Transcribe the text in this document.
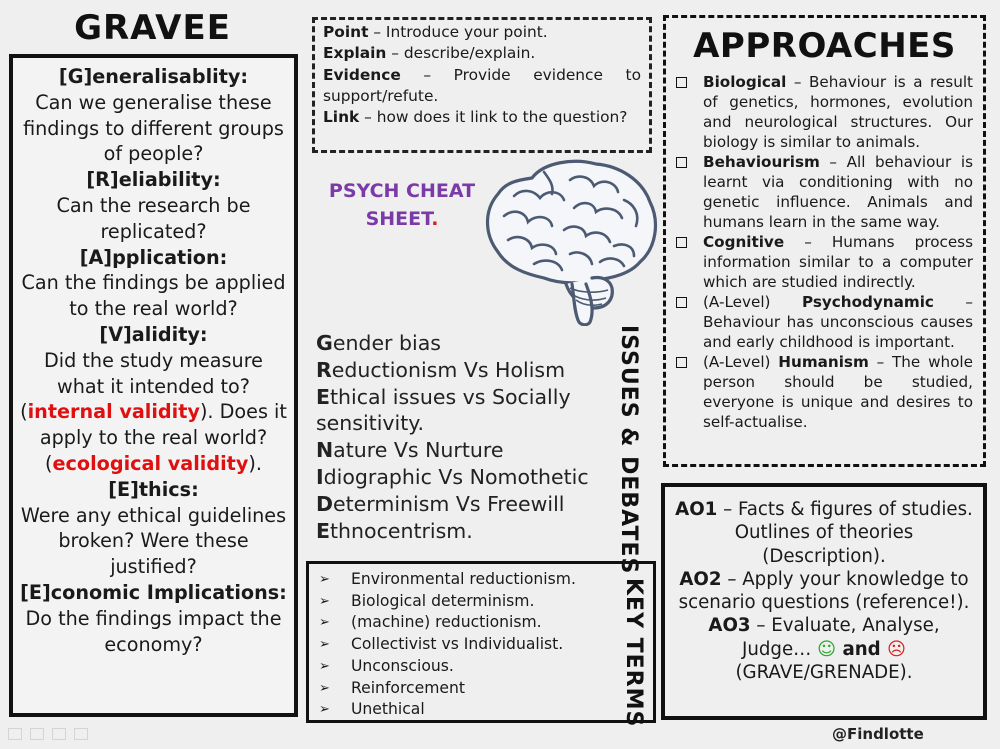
GRAVEE
[G]eneralisablity:
Can we generalise these findings to different groups of people?
[R]eliability:
Can the research be replicated?
[A]pplication:
Can the findings be applied to the real world?
[V]alidity:
Did the study measure what it intended to?
(internal validity). Does it apply to the real world? (ecological validity).
[E]thics:
Were any ethical guidelines broken? Were these justified?
[E]conomic Implications:
Do the findings impact the economy?
Point – Introduce your point.
Explain – describe/explain.
Evidence – Provide evidence to support/refute.
Link – how does it link to the question?
PSYCH CHEAT
SHEET.
Gender bias
Reductionism Vs Holism
Ethical issues vs Socially sensitivity.
Nature Vs Nurture
Idiographic Vs Nomothetic
Determinism Vs Freewill
Ethnocentrism.	ISSUES & DEBATES
➢	Environmental reductionism.
➢	Biological determinism.
➢	(machine) reductionism.
➢	Collectivist vs Individualist.
➢	Unconscious.
➢	Reinforcement
➢	Unethical	KEY TERMS
APPROACHES
Biological – Behaviour is a result of genetics, hormones, evolution and neurological structures. Our biology is similar to animals.
Behaviourism – All behaviour is learnt via conditioning with no genetic influence. Animals and humans learn in the same way.
Cognitive – Humans process information similar to a computer which are studied indirectly.
(A-Level) Psychodynamic – Behaviour has unconscious causes and early childhood is important.
(A-Level) Humanism – The whole person should be studied, everyone is unique and desires to self-actualise.
AO1 – Facts & figures of studies. Outlines of theories (Description).
AO2 – Apply your knowledge to scenario questions (reference!).
AO3 – Evaluate, Analyse, Judge… ☺ and ☹
(GRAVE/GRENADE).
@Findlotte
